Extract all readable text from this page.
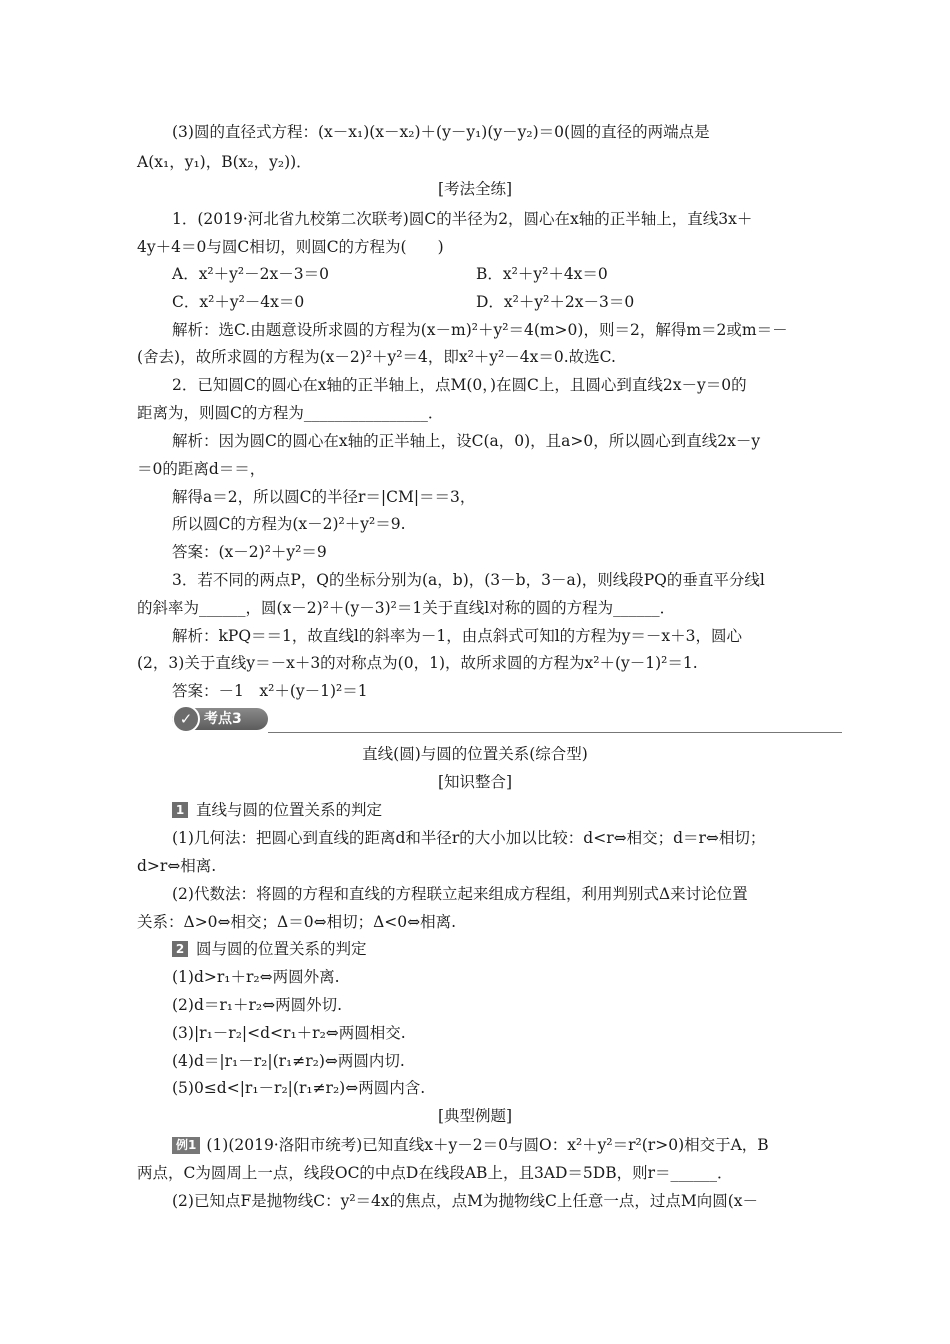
(3)圆的直径式方程：(x－x₁)(x－x₂)＋(y－y₁)(y－y₂)＝0(圆的直径的两端点是
A(x₁，y₁)，B(x₂，y₂))．
[考法全练]
1．(2019·河北省九校第二次联考)圆C的半径为2，圆心在x轴的正半轴上，直线3x＋
4y＋4＝0与圆C相切，则圆C的方程为(　　)
A．x²＋y²－2x－3＝0	B．x²＋y²＋4x＝0
C．x²＋y²－4x＝0	D．x²＋y²＋2x－3＝0
解析：选C.由题意设所求圆的方程为(x－m)²＋y²＝4(m>0)，则＝2，解得m＝2或m＝－
(舍去)，故所求圆的方程为(x－2)²＋y²＝4，即x²＋y²－4x＝0.故选C.
2．已知圆C的圆心在x轴的正半轴上，点M(0，)在圆C上，且圆心到直线2x－y＝0的
距离为，则圆C的方程为________________．
解析：因为圆C的圆心在x轴的正半轴上，设C(a，0)，且a>0，所以圆心到直线2x－y
＝0的距离d＝＝，
解得a＝2，所以圆C的半径r＝|CM|＝＝3，
所以圆C的方程为(x－2)²＋y²＝9.
答案：(x－2)²＋y²＝9
3．若不同的两点P，Q的坐标分别为(a，b)，(3－b，3－a)，则线段PQ的垂直平分线l
的斜率为______，圆(x－2)²＋(y－3)²＝1关于直线l对称的圆的方程为______．
解析：kPQ＝＝1，故直线l的斜率为－1，由点斜式可知l的方程为y＝－x＋3，圆心
(2，3)关于直线y＝－x＋3的对称点为(0，1)，故所求圆的方程为x²＋(y－1)²＝1.
答案：－1　x²＋(y－1)²＝1
✓ 考点3
直线(圆)与圆的位置关系(综合型)
[知识整合]
1 直线与圆的位置关系的判定
(1)几何法：把圆心到直线的距离d和半径r的大小加以比较：d<r⇔相交；d＝r⇔相切；
d>r⇔相离.
(2)代数法：将圆的方程和直线的方程联立起来组成方程组，利用判别式Δ来讨论位置
关系：Δ>0⇔相交；Δ＝0⇔相切；Δ<0⇔相离.
2 圆与圆的位置关系的判定
(1)d>r₁＋r₂⇔两圆外离.
(2)d＝r₁＋r₂⇔两圆外切.
(3)|r₁－r₂|<d<r₁＋r₂⇔两圆相交.
(4)d＝|r₁－r₂|(r₁≠r₂)⇔两圆内切.
(5)0≤d<|r₁－r₂|(r₁≠r₂)⇔两圆内含.
[典型例题]
例1 (1)(2019·洛阳市统考)已知直线x＋y－2＝0与圆O：x²＋y²＝r²(r>0)相交于A，B
两点，C为圆周上一点，线段OC的中点D在线段AB上，且3AD＝5DB，则r＝______．
(2)已知点F是抛物线C：y²＝4x的焦点，点M为抛物线C上任意一点，过点M向圆(x－
